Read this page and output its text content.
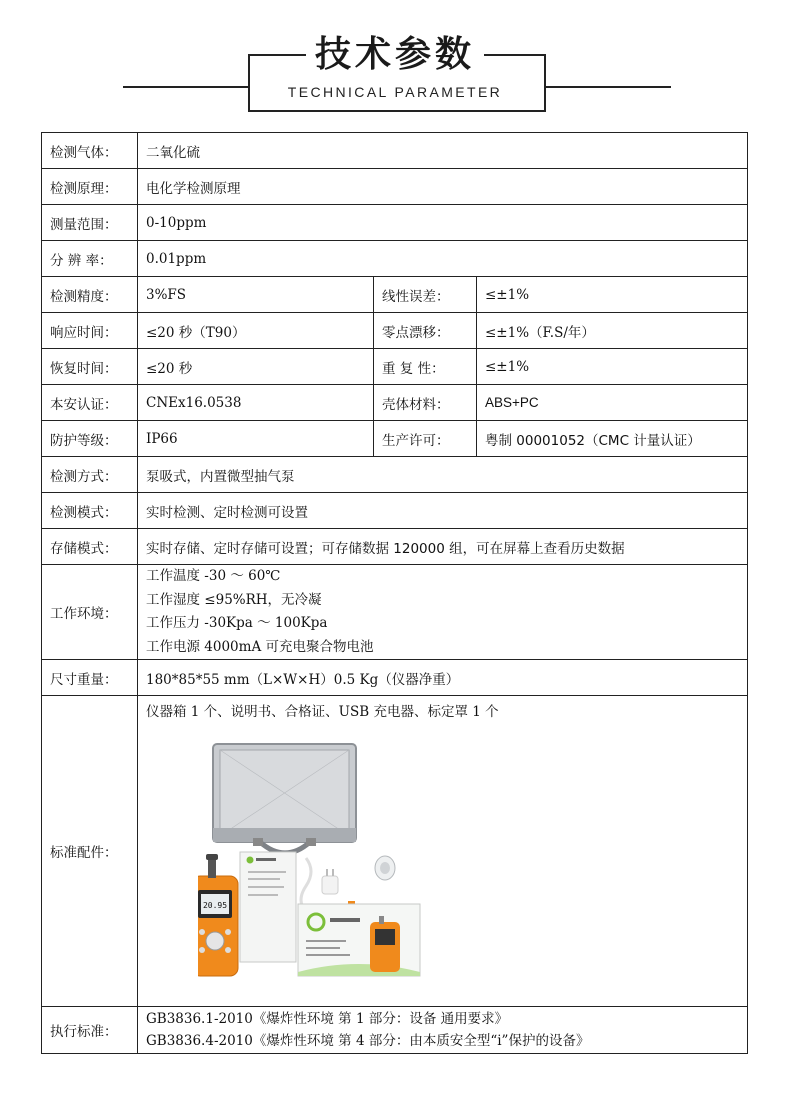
技术参数
TECHNICAL PARAMETER
检测气体：	二氧化硫		
检测原理：	电化学检测原理		
测量范围：	0-10ppm		
分 辨 率：	0.01ppm		
检测精度：	3%FS	线性误差：	≤±1%
响应时间：	≤20 秒（T90）	零点漂移：	≤±1%（F.S/年）
恢复时间：	≤20 秒	重 复 性：	≤±1%
本安认证：	CNEx16.0538	壳体材料：	ABS+PC
防护等级：	IP66	生产许可：	粤制 00001052（CMC 计量认证）
检测方式：	泵吸式，内置微型抽气泵		
检测模式：	实时检测、定时检测可设置		
存储模式：	实时存储、定时存储可设置；可存储数据 120000 组，可在屏幕上查看历史数据		
工作环境：	工作温度 -30 ～ 60℃
工作湿度 ≤95%RH，无冷凝
工作压力 -30Kpa ～ 100Kpa
工作电源 4000mA 可充电聚合物电池		

尺寸重量：	180*85*55 mm（L×W×H）0.5 Kg（仪器净重）		
标准配件：	仪器箱 1 个、说明书、合格证、USB 充电器、标定罩 1 个
20.95		

执行标准：	GB3836.1-2010《爆炸性环境 第 1 部分：设备 通用要求》
GB3836.4-2010《爆炸性环境 第 4 部分：由本质安全型“i”保护的设备》		
